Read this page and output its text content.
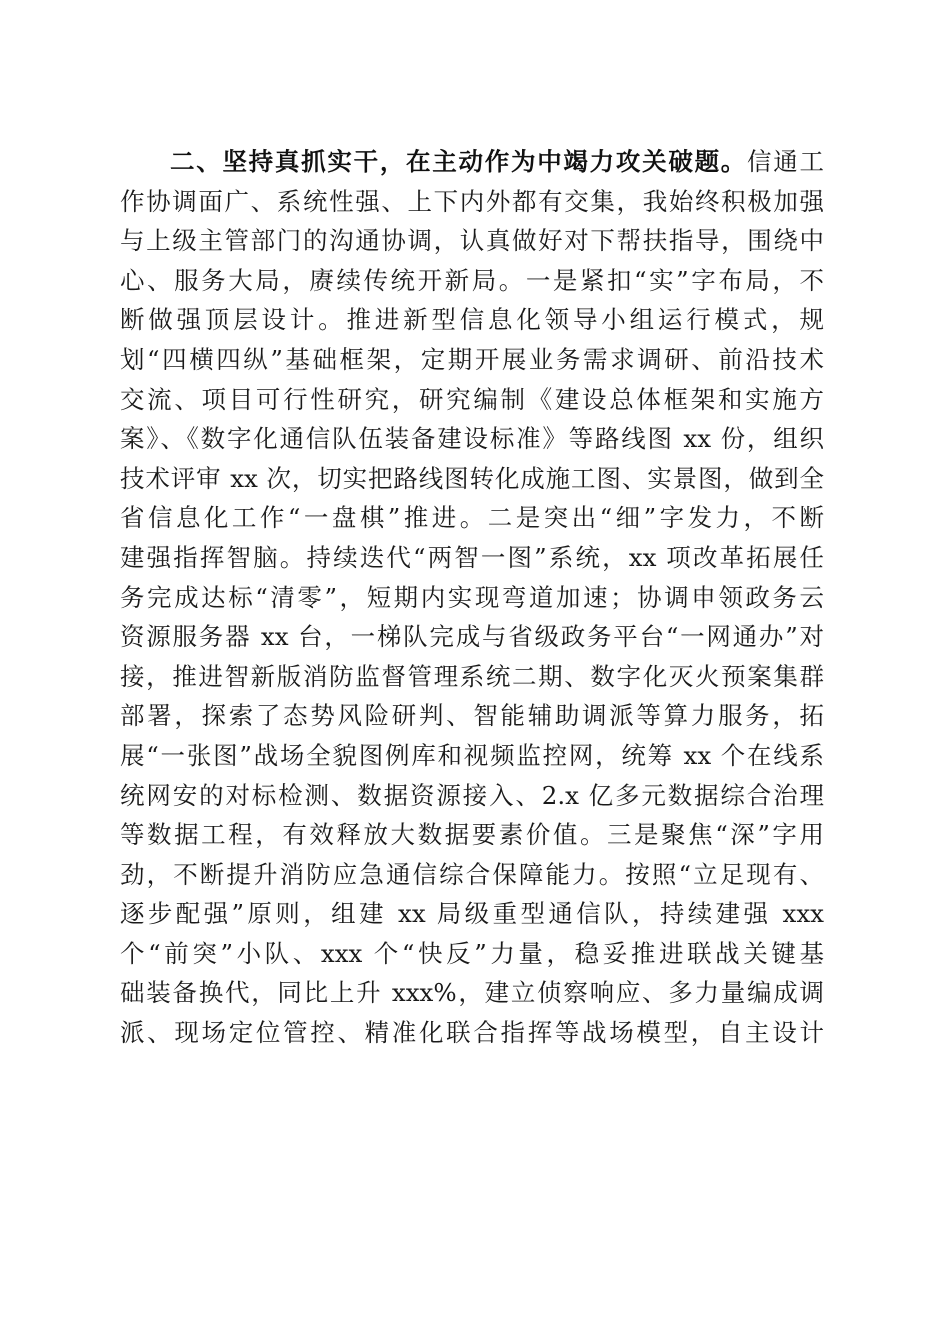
二、坚持真抓实干，在主动作为中竭力攻关破题。信通工
作协调面广、系统性强、上下内外都有交集，我始终积极加强
与上级主管部门的沟通协调，认真做好对下帮扶指导，围绕中
心、服务大局，赓续传统开新局。一是紧扣“实”字布局，不
断做强顶层设计。推进新型信息化领导小组运行模式，规
划“四横四纵”基础框架，定期开展业务需求调研、前沿技术
交流、项目可行性研究，研究编制《建设总体框架和实施方
案》、《数字化通信队伍装备建设标准》等路线图 xx 份，组织
技术评审 xx 次，切实把路线图转化成施工图、实景图，做到全
省信息化工作“一盘棋”推进。二是突出“细”字发力，不断
建强指挥智脑。持续迭代“两智一图”系统，xx 项改革拓展任
务完成达标“清零”，短期内实现弯道加速；协调申领政务云
资源服务器 xx 台，一梯队完成与省级政务平台“一网通办”对
接，推进智新版消防监督管理系统二期、数字化灭火预案集群
部署，探索了态势风险研判、智能辅助调派等算力服务，拓
展“一张图”战场全貌图例库和视频监控网，统筹 xx 个在线系
统网安的对标检测、数据资源接入、2.x 亿多元数据综合治理
等数据工程，有效释放大数据要素价值。三是聚焦“深”字用
劲，不断提升消防应急通信综合保障能力。按照“立足现有、
逐步配强”原则，组建 xx 局级重型通信队，持续建强 xxx
个“前突”小队、xxx 个“快反”力量，稳妥推进联战关键基
础装备换代，同比上升 xxx%，建立侦察响应、多力量编成调
派、现场定位管控、精准化联合指挥等战场模型，自主设计
